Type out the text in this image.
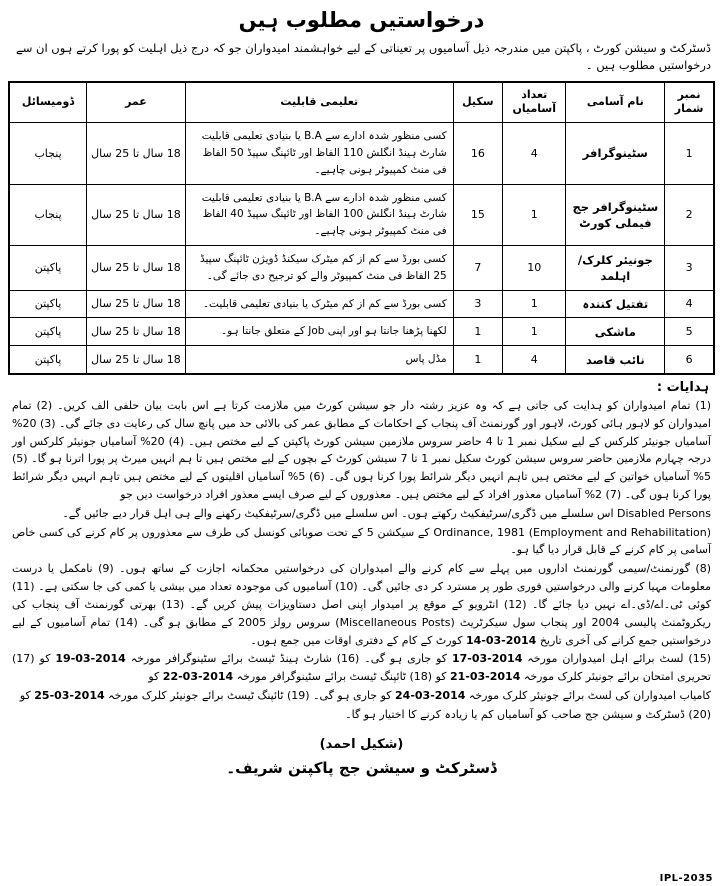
درخواستیں مطلوب ہیں
ڈسٹرکٹ و سیشن کورٹ ، پاکپتن میں مندرجہ ذیل آسامیوں پر تعیناتی کے لیے خواہشمند امیدواران جو کہ درج ذیل اہلیت کو پورا کرتے ہوں ان سے درخواستیں مطلوب ہیں ۔
نمبر شمار	نام آسامی	تعداد آسامیاں	سکیل	تعلیمی قابلیت	عمر	ڈومیسائل
1	سٹینوگرافر	4	16	کسی منظور شدہ ادارے سے B.A یا بنیادی تعلیمی قابلیت شارٹ ہینڈ انگلش 110 الفاظ اور ٹائپنگ سپیڈ 50 الفاظ فی منٹ کمپیوٹر ہونی چاہیے۔	18 سال تا 25 سال	پنجاب
2	سٹینوگرافر جج فیملی کورٹ	1	15	کسی منظور شدہ ادارے سے B.A یا بنیادی تعلیمی قابلیت شارٹ ہینڈ انگلش 100 الفاظ اور ٹائپنگ سپیڈ 40 الفاظ فی منٹ کمپیوٹر ہونی چاہیے۔	18 سال تا 25 سال	پنجاب
3	جونیئر کلرک/اہلمد	10	7	کسی بورڈ سے کم از کم میٹرک سیکنڈ ڈویژن ٹائپنگ سپیڈ 25 الفاظ فی منٹ کمپیوٹر والے کو ترجیح دی جائے گی۔	18 سال تا 25 سال	پاکپتن
4	تفتیل کنندہ	1	3	کسی بورڈ سے کم از کم میٹرک یا بنیادی تعلیمی قابلیت۔	18 سال تا 25 سال	پاکپتن
5	ماشکی	1	1	لکھنا پڑھنا جانتا ہو اور اپنی Job کے متعلق جانتا ہو۔	18 سال تا 25 سال	پاکپتن
6	نائب قاصد	4	1	مڈل پاس	18 سال تا 25 سال	پاکپتن
ہدایات :

(1) تمام امیدواران کو ہدایت کی جاتی ہے کہ وہ عزیز رشتہ دار جو سیشن کورٹ میں ملازمت کرتا ہے اس بابت بیان حلفی الف کریں۔ (2) تمام امیدواران کو لاہور ہائی کورٹ، لاہور اور گورنمنٹ آف پنجاب کے احکامات کے مطابق عمر کی بالائی حد میں پانچ سال کی رعایت دی جائے گی۔ (3) 20% آسامیاں جونیئر کلرکس کے لیے سکیل نمبر 1 تا 4 حاضر سروس ملازمین سیشن کورٹ پاکپتن کے لیے مختص ہیں۔ (4) 20% آسامیاں جونیئر کلرکس اور درجہ چہارم ملازمین حاضر سروس سیشن کورٹ سکیل نمبر 1 تا 7 سیشن کورٹ کے بچوں کے لیے مختص ہیں تا ہم انہیں میرٹ پر پورا اترنا ہو گا۔ (5) 5% آسامیاں خواتین کے لیے مختص ہیں تاہم انہیں دیگر شرائط پورا کرنا ہوں گی۔ (6) 5% آسامیاں اقلیتوں کے لیے مختص ہیں تاہم انہیں دیگر شرائط پورا کرنا ہوں گی۔ (7) 2% آسامیاں معذور افراد کے لیے مختص ہیں۔ معذوروں کے لیے صرف ایسے معذور افراد درخواست دیں جو

Disabled Persons اس سلسلے میں ڈگری/سرٹیفکیٹ رکھتے ہوں۔ اس سلسلے میں ڈگری/سرٹیفکیٹ رکھنے والے ہی اہل قرار دیے جائیں گے۔

(Employment and Rehabilitation) Ordinance, 1981 کے سیکشن 5 کے تحت صوبائی کونسل کی طرف سے معذوروں پر کام کرنے کی کسی خاص آسامی پر کام کرنے کے قابل قرار دیا گیا ہو۔

(8) گورنمنٹ/سیمی گورنمنٹ اداروں میں پہلے سے کام کرنے والے امیدواران کی درخواستیں محکمانہ اجازت کے ساتھ ہوں۔ (9) نامکمل یا درست معلومات مہیا کرنے والی درخواستیں فوری طور پر مسترد کر دی جائیں گی۔ (10) آسامیوں کی موجودہ تعداد میں بیشی یا کمی کی جا سکتی ہے۔ (11) کوئی ٹی۔اے/ڈی۔اے نہیں دیا جائے گا۔ (12) انٹرویو کے موقع پر امیدوار اپنی اصل دستاویزات پیش کریں گے۔ (13) بھرتی گورنمنٹ آف پنجاب کی ریکروٹمنٹ پالیسی 2004 اور پنجاب سول سیکرٹریٹ (Miscellaneous Posts) سروس رولز 2005 کے مطابق ہو گی۔ (14) تمام آسامیوں کے لیے درخواستیں جمع کرانے کی آخری تاریخ 14-03-2014 کورٹ کے کام کے دفتری اوقات میں جمع ہوں۔

(15) لسٹ برائے اہل امیدواران مورخہ 17-03-2014 کو جاری ہو گی۔ (16) شارٹ ہینڈ ٹیسٹ برائے سٹینوگرافر مورخہ 19-03-2014 کو (17) تحریری امتحان برائے جونیئر کلرک مورخہ 21-03-2014 کو (18) ٹائپنگ ٹیسٹ برائے سٹینوگرافر مورخہ 22-03-2014 کو

کامیاب امیدواران کی لسٹ برائے جونیئر کلرک مورخہ 24-03-2014 کو جاری ہو گی۔ (19) ٹائپنگ ٹیسٹ برائے جونیئر کلرک مورخہ 25-03-2014 کو

(20) ڈسٹرکٹ و سیشن جج صاحب کو آسامیاں کم یا زیادہ کرنے کا اختیار ہو گا۔

(شکیل احمد)
ڈسٹرکٹ و سیشن جج پاکپتن شریف۔
IPL-2035
